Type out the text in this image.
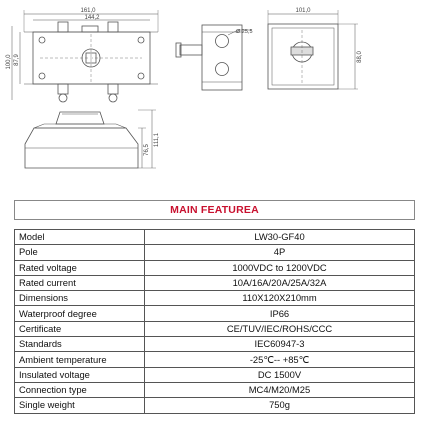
161,0
144,2
100,0 87,9
Ø 25,5
101,0
88,0
111,1
76,5
MAIN FEATUREA
Model	LW30-GF40
Pole	4P
Rated voltage	1000VDC to 1200VDC
Rated current	10A/16A/20A/25A/32A
Dimensions	110X120X210mm
Waterproof degree	IP66
Certificate	CE/TUV/IEC/ROHS/CCC
Standards	IEC60947-3
Ambient temperature	-25℃-- +85℃
Insulated voltage	DC 1500V
Connection type	MC4/M20/M25
Single weight	750g
